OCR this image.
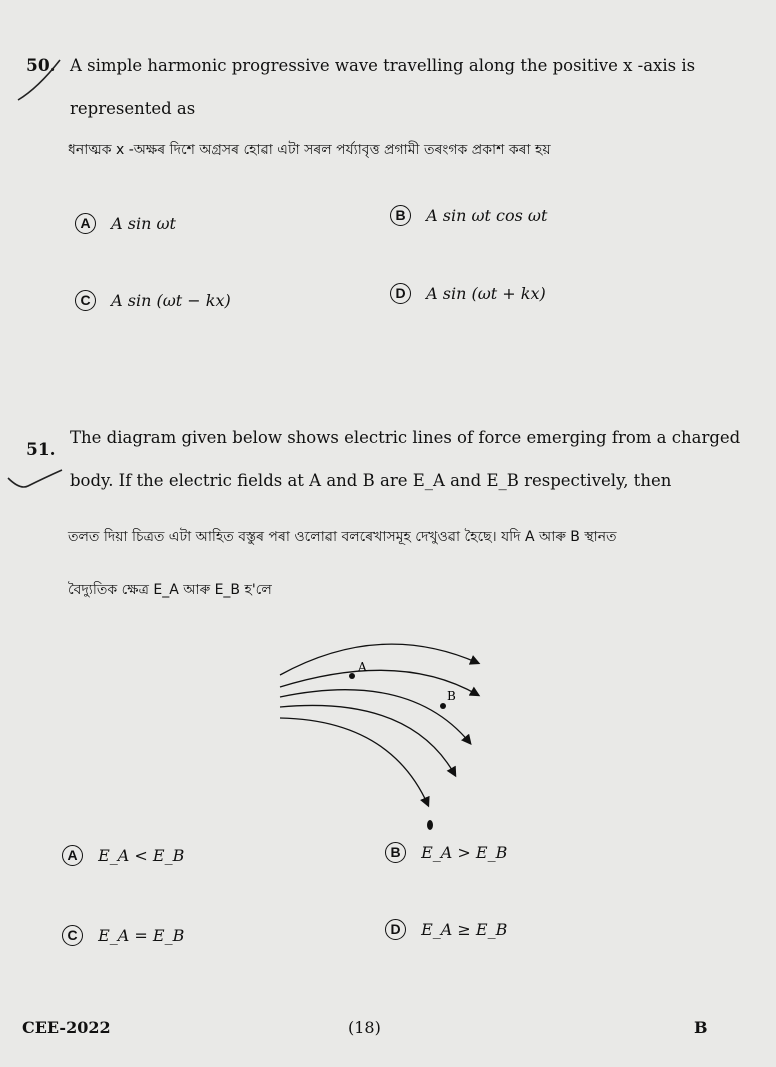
50. A simple harmonic progressive wave travelling along the positive x -axis is
represented as
ধনাত্মক x -অক্ষৰ দিশে অগ্রসৰ হোৱা এটা সৰল পর্য্যাবৃত্ত প্রগামী তৰংগক প্রকাশ কৰা হয়
A A sin ωt	B A sin ωt cos ωt
C A sin (ωt − kx)	D A sin (ωt + kx)
51.
The diagram given below shows electric lines of force emerging from a charged
body. If the electric fields at A and B are E_A and E_B respectively, then
তলত দিয়া চিত্রত এটা আহিত বস্তুৰ পৰা ওলোৱা বলৰেখাসমূহ দেখুওৱা হৈছে। যদি A আৰু B স্থানত
বৈদ্যুতিক ক্ষেত্ৰ E_A আৰু E_B হ'লে
A
B
A E_A < E_B	B E_A > E_B
C E_A = E_B	D E_A ≥ E_B
CEE-2022	(18)	B
